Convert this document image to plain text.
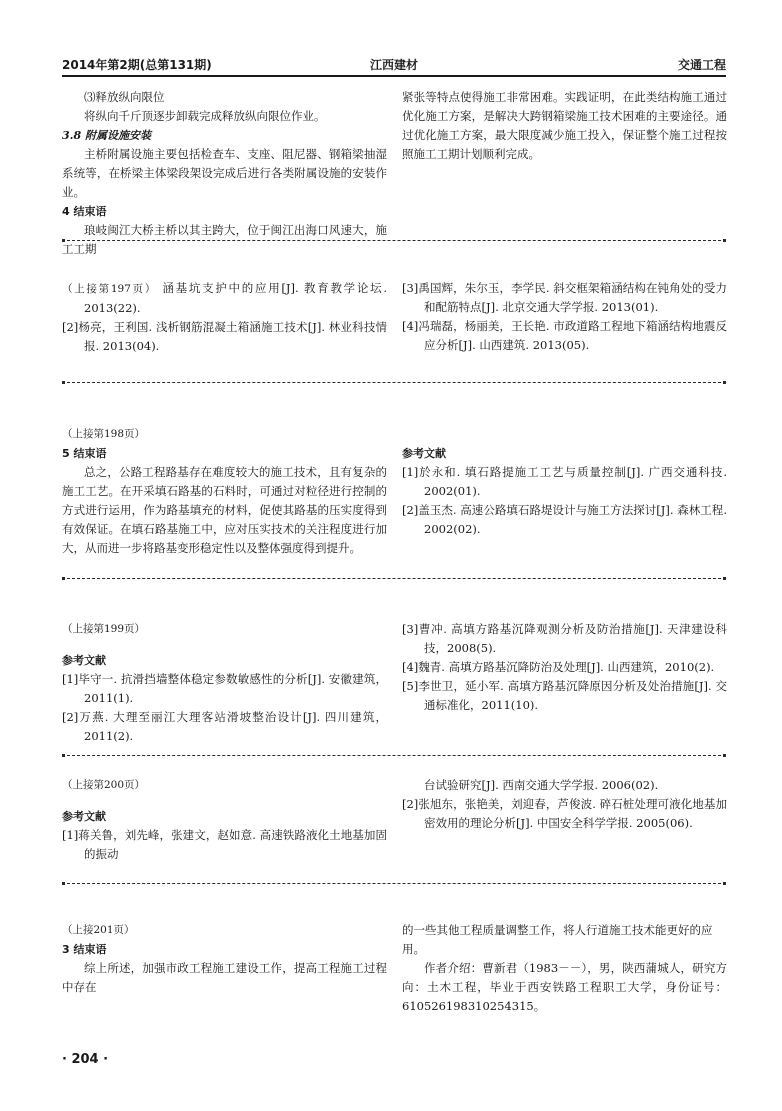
2014年第2期(总第131期)	江西建材	交通工程

⑶释放纵向限位

将纵向千斤顶逐步卸载完成释放纵向限位作业。

3.8 附属设施安装

主桥附属设施主要包括检查车、支座、阻尼器、钢箱梁抽湿系统等，在桥梁主体梁段架设完成后进行各类附属设施的安装作业。

4 结束语

琅岐闽江大桥主桥以其主跨大，位于闽江出海口风速大，施工工期

紧张等特点使得施工非常困难。实践证明，在此类结构施工通过优化施工方案，是解决大跨钢箱梁施工技术困难的主要途径。通过优化施工方案，最大限度减少施工投入，保证整个施工过程按照施工工期计划顺利完成。

（上接第197页） 涵基坑支护中的应用[J]. 教育教学论坛. 2013(22).

[2]杨亮，王利国. 浅析钢筋混凝土箱涵施工技术[J]. 林业科技情报. 2013(04).

[3]禹国辉，朱尔玉，李学民. 斜交框架箱涵结构在钝角处的受力和配筋特点[J]. 北京交通大学学报. 2013(01).

[4]冯瑞磊，杨丽美，王长艳. 市政道路工程地下箱涵结构地震反应分析[J]. 山西建筑. 2013(05).

（上接第198页）

5 结束语

总之，公路工程路基存在难度较大的施工技术，且有复杂的施工工艺。在开采填石路基的石料时，可通过对粒径进行控制的方式进行运用，作为路基填充的材料，促使其路基的压实度得到有效保证。在填石路基施工中，应对压实技术的关注程度进行加大，从而进一步将路基变形稳定性以及整体强度得到提升。

参考文献

[1]於永和. 填石路提施工工艺与质量控制[J]. 广西交通科技. 2002(01).

[2]盖玉杰. 高速公路填石路堤设计与施工方法探讨[J]. 森林工程. 2002(02).

（上接第199页）

参考文献

[1]毕守一. 抗滑挡墙整体稳定参数敏感性的分析[J]. 安徽建筑，2011(1).

[2]万燕. 大理至丽江大理客站滑坡整治设计[J]. 四川建筑，2011(2).

[3]曹冲. 高填方路基沉降观测分析及防治措施[J]. 天津建设科技，2008(5).

[4]魏青. 高填方路基沉降防治及处理[J]. 山西建筑，2010(2).

[5]李世卫，延小军. 高填方路基沉降原因分析及处治措施[J]. 交通标准化，2011(10).

（上接第200页）

参考文献

[1]蒋关鲁，刘先峰，张建文，赵如意. 高速铁路液化土地基加固的振动

台试验研究[J]. 西南交通大学学报. 2006(02).

[2]张旭东，张艳美，刘迎春，芦俊波. 碎石桩处理可液化地基加密效用的理论分析[J]. 中国安全科学学报. 2005(06).

（上接201页）

3 结束语

综上所述，加强市政工程施工建设工作，提高工程施工过程中存在

的一些其他工程质量调整工作，将人行道施工技术能更好的应用。

作者介绍：曹新君（1983－－），男，陕西蒲城人，研究方向：土木工程，毕业于西安铁路工程职工大学，身份证号：610526198310254315。

· 204 ·
